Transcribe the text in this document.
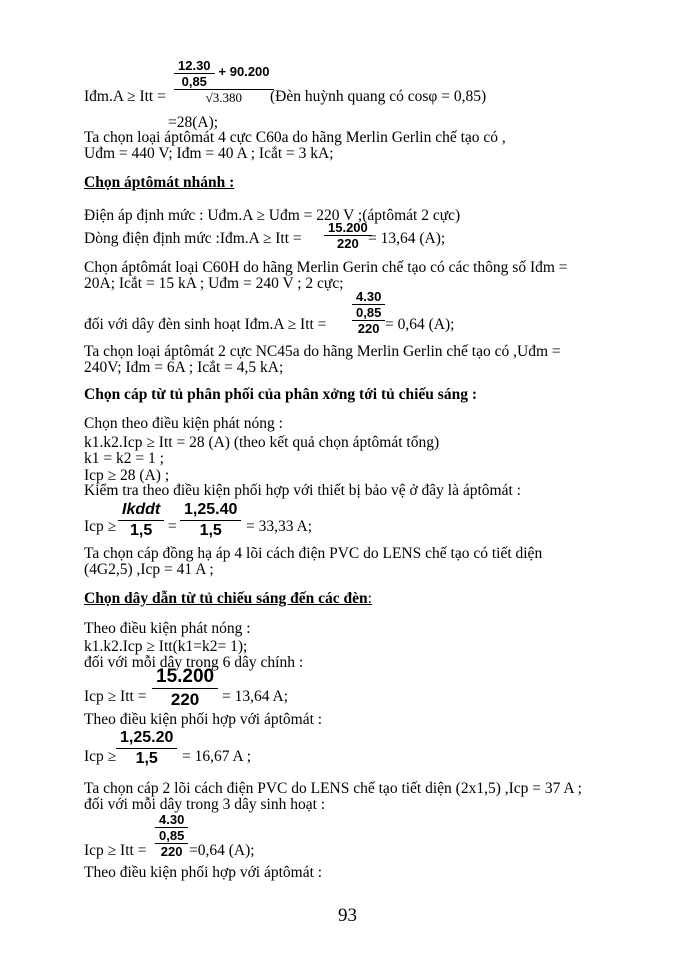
12.30
0,85
+ 90.200
√3.380
Iđm.A ≥ Itt =	(Đèn huỳnh quang có cosφ = 0,85)
=28(A);
Ta chọn loại áptômát 4 cực C60a do hãng Merlin Gerlin chế tạo có ,
Uđm = 440 V; Iđm = 40 A ; Icắt = 3 kA;
Chọn áptômát nhánh :
Điện áp định mức : Uđm.A ≥ Uđm = 220 V ;(áptômát 2 cực)
Dòng điện định mức :Iđm.A ≥ Itt =
15.200
220 = 13,64 (A);
Chọn áptômát loại C60H do hãng Merlin Gerin chế tạo có các thông số Iđm =
20A; Icắt = 15 kA ; Uđm = 240 V ; 2 cực;
đối với dây đèn sinh hoạt Iđm.A ≥ Itt =
4.30
0,85
220 = 0,64 (A);
Ta chọn loại áptômát 2 cực NC45a do hãng Merlin Gerlin chế tạo có ,Uđm =
240V; Iđm = 6A ; Icắt = 4,5 kA;
Chọn cáp từ tủ phân phối của phân xởng tới tủ chiếu sáng :
Chọn theo điều kiện phát nóng :
k1.k2.Icp ≥ Itt = 28 (A) (theo kết quả chọn áptômát tổng)
k1 = k2 = 1 ;
Icp ≥ 28 (A) ;
Kiểm tra theo điều kiện phối hợp với thiết bị bảo vệ ở đây là áptômát :
Icp ≥
Ikddt
1,5 =
1,25.40
1,5 = 33,33 A;
Ta chọn cáp đồng hạ áp 4 lõi cách điện PVC do LENS chế tạo có tiết diện
(4G2,5) ,Icp = 41 A ;
Chọn dây dẫn từ tủ chiếu sáng đến các đèn:
Theo điều kiện phát nóng :
k1.k2.Icp ≥ Itt(k1=k2= 1);
đối với mỗi dây trong 6 dây chính :
Icp ≥ Itt =
15.200
220 = 13,64 A;
Theo điều kiện phối hợp với áptômát :
Icp ≥
1,25.20
1,5 = 16,67 A ;
Ta chọn cáp 2 lõi cách điện PVC do LENS chế tạo tiết diện (2x1,5) ,Icp = 37 A ;
đối với mỗi dây trong 3 dây sinh hoạt :
Icp ≥ Itt =
4.30
0,85
220 =0,64 (A);
Theo điều kiện phối hợp với áptômát :
93
